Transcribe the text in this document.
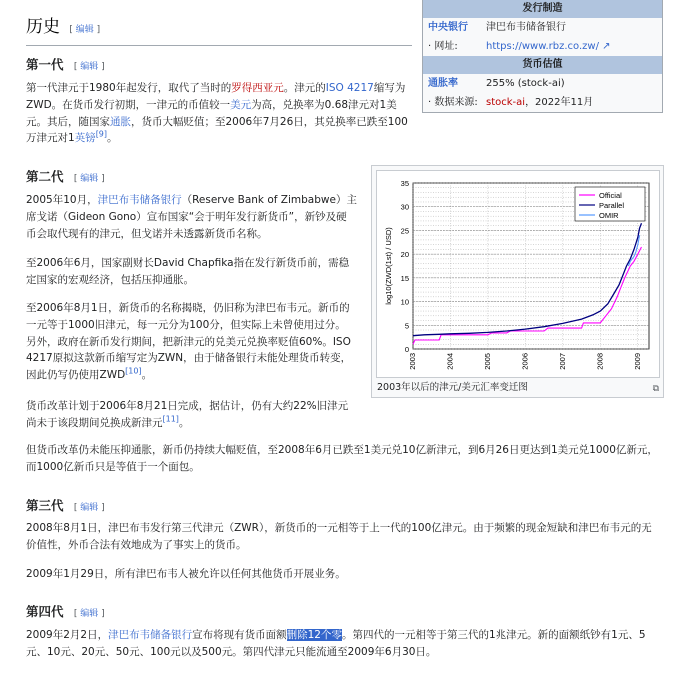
历史 [ 编辑 ]
发行制造
中央银行	津巴布韦储备银行
· 网址:	https://www.rbz.co.zw/ ↗
货币估值
通胀率	255% (stock-ai)
· 数据来源: stock-ai，2022年11月
第一代 [ 编辑 ]
第一代津元于1980年起发行，取代了当时的罗得西亚元。津元的ISO 4217缩写为
ZWD。在货币发行初期，一津元的币值较一美元为高，兑换率为0.68津元对1美
元。其后，随国家通胀，货币大幅贬值；至2006年7月26日，其兑换率已跌至100
万津元对1英镑[9]。
第二代 [ 编辑 ]
2005年10月，津巴布韦储备银行（Reserve Bank of Zimbabwe）主
席戈诺（Gideon Gono）宣布国家“会于明年发行新货币”，新钞及硬
币会取代现有的津元，但戈诺并未透露新货币名称。
至2006年6月，国家副财长David Chapfika指在发行新货币前，需稳
定国家的宏观经济，包括压抑通胀。
至2006年8月1日，新货币的名称揭晓，仍旧称为津巴布韦元。新币的
一元等于1000旧津元，每一元分为100分，但实际上未曾使用过分。
另外，政府在新币发行期间，把新津元的兑美元兑换率贬值60%。ISO
4217原拟这款新币缩写定为ZWN，由于储备银行未能处理货币转变，
因此仍写仍使用ZWD[10]。
货币改革计划于2006年8月21日完成，据估计，仍有大约22%旧津元
尚未于该段期间兑换成新津元[11]。
但货币改革仍未能压抑通胀，新币仍持续大幅贬值，至2008年6月已跌至1美元兑10亿新津元，到6月26日更达到1美元兑1000亿新元，
而1000亿新币只是等值于一个面包。
第三代 [ 编辑 ]
2008年8月1日，津巴布韦发行第三代津元（ZWR），新货币的一元相等于上一代的100亿津元。由于频繁的现金短缺和津巴布韦元的无
价值性，外币合法有效地成为了事实上的货币。
2009年1月29日，所有津巴布韦人被允许以任何其他货币开展业务。
第四代 [ 编辑 ]
2009年2月2日，津巴布韦储备银行宣布将现有货币面额删除12个零。第四代的一元相等于第三代的1兆津元。新的面额纸钞有1元、5
元、10元、20元、50元、100元以及500元。第四代津元只能流通至2009年6月30日。
0
5
10
15
20
25
30
35
2003	2004	2005	2006	2007	2008	2009
log10(ZWD(1st) / USD)
Official
Parallel
OMIR
2003年以后的津元/美元汇率变迁图	⧉
